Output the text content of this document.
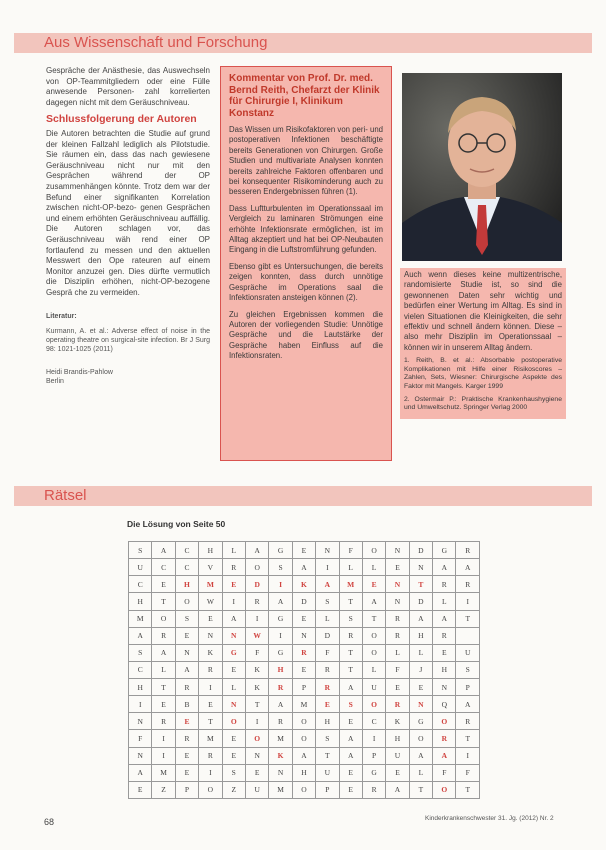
Aus Wissenschaft und Forschung

Gespräche der Anästhesie, das Auswechseln von OP-Teammitgliedern oder eine Fülle anwesende Personen- zahl korrelierten dagegen nicht mit dem Geräuschniveau.

Schlussfolgerung der Autoren

Die Autoren betrachten die Studie auf grund der kleinen Fallzahl lediglich als Pilotstudie. Sie räumen ein, dass das nach gewiesene Geräuschniveau nicht nur mit den Gesprächen während der OP zusammenhängen könnte. Trotz dem war der Befund einer signifikanten Korrelation zwischen nicht-OP-bezo- genen Gesprächen und einem erhöhten Geräuschniveau auffällig. Die Autoren schlagen vor, das Geräuschniveau wäh rend einer OP fortlaufend zu messen und den aktuellen Messwert den Ope rateuren auf einem Monitor anzuzei gen. Dies dürfte vermutlich die Disziplin erhöhen, nicht-OP-bezogene Gesprä che zu vermeiden.

Literatur:

Kurmann, A. et al.: Adverse effect of noise in the operating theatre on surgical-site infection. Br J Surg 98: 1021-1025 (2011)

Heidi Brandis-Pahlow
Berlin

Kommentar von Prof. Dr. med. Bernd Reith, Chefarzt der Klinik für Chirurgie I, Klinikum Konstanz

Das Wissen um Risikofaktoren von peri- und postoperativen Infektionen beschäftigte bereits Generationen von Chirurgen. Große Studien und multivariate Analysen konnten bereits zahlreiche Faktoren offenbaren und bei konsequenter Risikominderung auch zu besseren Endergebnissen führen (1).

Dass Luftturbulenten im Operationssaal im Vergleich zu laminaren Strömungen eine erhöhte Infektionsrate ermöglichen, ist im Alltag akzeptiert und hat bei OP-Neubauten Eingang in die Luftstromführung gefunden.

Ebenso gibt es Untersuchungen, die bereits zeigen konnten, dass durch unnötige Gespräche im Operations saal die Infektionsraten ansteigen können (2).

Zu gleichen Ergebnissen kommen die Autoren der vorliegenden Studie: Unnötige Gespräche und die Lautstärke der Gespräche haben Einfluss auf die Infektionsraten.

Auch wenn dieses keine multizentrische, randomisierte Studie ist, so sind die gewonnenen Daten sehr wichtig und bedürfen einer Wertung im Alltag. Es sind in vielen Situationen die Kleinigkeiten, die sehr effektiv und schnell ändern können. Diese – also mehr Disziplin im Operationssaal – können wir in unserem Alltag ändern.

1. Reith, B. et al.: Absorbable postoperative Komplikationen mit Hilfe einer Risikoscores – Zahlen, Sets, Wiesner: Chirurgische Aspekte des Faktor mit Mangels. Karger 1999

2. Ostermair P.: Praktische Krankenhaushygiene und Umweltschutz. Springer Verlag 2000

Rätsel
Die Lösung von Seite 50
S	A	C	H	L	A	G	E	N	F	O	N	D	G	R
U	C	C	V	R	O	S	A	I	L	L	E	N	A	A
C	E	H	M	E	D	I	K	A	M	E	N	T	R	R
H	T	O	W	I	R	A	D	S	T	A	N	D	L	I
M	O	S	E	A	I	G	E	L	S	T	R	A	A	T
A	R	E	N	N	W	I	N	D	R	O	R	H	R	
S	A	N	K	G	F	G	R	F	T	O	L	L	E	U
C	L	A	R	E	K	H	E	R	T	L	F	J	H	S
H	T	R	I	L	K	R	P	R	A	U	E	E	N	P
I	E	B	E	N	T	A	M	E	S	O	R	N	Q	A
N	R	E	T	O	I	R	O	H	E	C	K	G	O	R
F	I	R	M	E	O	M	O	S	A	I	H	O	R	T
N	I	E	R	E	N	K	A	T	A	P	U	A	A	I
A	M	E	I	S	E	N	H	U	E	G	E	L	F	F
E	Z	P	O	Z	U	M	O	P	E	R	A	T	O	T
68	Kinderkrankenschwester 31. Jg. (2012) Nr. 2
